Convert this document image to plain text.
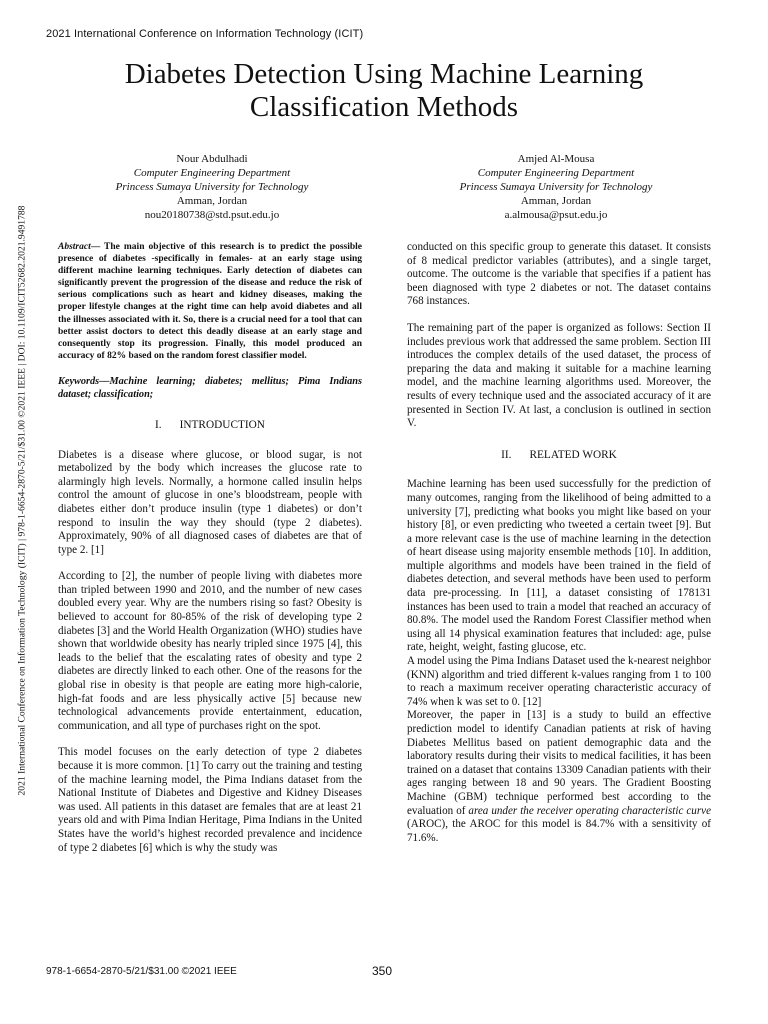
2021 International Conference on Information Technology (ICIT)
Diabetes Detection Using Machine Learning Classification Methods
Nour Abdulhadi
Computer Engineering Department
Princess Sumaya University for Technology
Amman, Jordan
nou20180738@std.psut.edu.jo
Amjed Al-Mousa
Computer Engineering Department
Princess Sumaya University for Technology
Amman, Jordan
a.almousa@psut.edu.jo
2021 International Conference on Information Technology (ICIT) | 978-1-6654-2870-5/21/$31.00 ©2021 IEEE | DOI: 10.1109/ICIT52682.2021.9491788	Abstract— The main objective of this research is to predict the possible presence of diabetes -specifically in females- at an early stage using different machine learning techniques. Early detection of diabetes can significantly prevent the progression of the disease and reduce the risk of serious complications such as heart and kidney diseases, making the proper lifestyle changes at the right time can help avoid diabetes and all the illnesses associated with it. So, there is a crucial need for a tool that can better assist doctors to detect this deadly disease at an early stage and consequently stop its progression. Finally, this model produced an accuracy of 82% based on the random forest classifier model.

Keywords—Machine learning; diabetes; mellitus; Pima Indians dataset; classification;

I. INTRODUCTION

Diabetes is a disease where glucose, or blood sugar, is not metabolized by the body which increases the glucose rate to alarmingly high levels. Normally, a hormone called insulin helps control the amount of glucose in one’s bloodstream, people with diabetes either don’t produce insulin (type 1 diabetes) or don’t respond to insulin the way they should (type 2 diabetes). Approximately, 90% of all diagnosed cases of diabetes are that of type 2. [1]

According to [2], the number of people living with diabetes more than tripled between 1990 and 2010, and the number of new cases doubled every year. Why are the numbers rising so fast? Obesity is believed to account for 80-85% of the risk of developing type 2 diabetes [3] and the World Health Organization (WHO) studies have shown that worldwide obesity has nearly tripled since 1975 [4], this leads to the belief that the escalating rates of obesity and type 2 diabetes are directly linked to each other. One of the reasons for the global rise in obesity is that people are eating more high-calorie, high-fat foods and are less physically active [5] because new technological advancements provide entertainment, education, communication, and all type of purchases right on the spot.

This model focuses on the early detection of type 2 diabetes because it is more common. [1] To carry out the training and testing of the machine learning model, the Pima Indians dataset from the National Institute of Diabetes and Digestive and Kidney Diseases was used. All patients in this dataset are females that are at least 21 years old and with Pima Indian Heritage, Pima Indians in the United States have the world’s highest recorded prevalence and incidence of type 2 diabetes [6] which is why the study was

conducted on this specific group to generate this dataset. It consists of 8 medical predictor variables (attributes), and a single target, outcome. The outcome is the variable that specifies if a patient has been diagnosed with type 2 diabetes or not. The dataset contains 768 instances.

The remaining part of the paper is organized as follows: Section II includes previous work that addressed the same problem. Section III introduces the complex details of the used dataset, the process of preparing the data and making it suitable for a machine learning model, and the machine learning algorithms used. Moreover, the results of every technique used and the associated accuracy of it are presented in Section IV. At last, a conclusion is outlined in section V.

II. RELATED WORK

Machine learning has been used successfully for the prediction of many outcomes, ranging from the likelihood of being admitted to a university [7], predicting what books you might like based on your history [8], or even predicting who tweeted a certain tweet [9]. But a more relevant case is the use of machine learning in the detection of heart disease using majority ensemble methods [10]. In addition, multiple algorithms and models have been trained in the field of diabetes detection, and several methods have been used to perform data pre-processing. In [11], a dataset consisting of 178131 instances has been used to train a model that reached an accuracy of 80.8%. The model used the Random Forest Classifier method when using all 14 physical examination features that included: age, pulse rate, height, weight, fasting glucose, etc.

A model using the Pima Indians Dataset used the k-nearest neighbor (KNN) algorithm and tried different k-values ranging from 1 to 100 to reach a maximum receiver operating characteristic accuracy of 74% when k was set to 0. [12]

Moreover, the paper in [13] is a study to build an effective prediction model to identify Canadian patients at risk of having Diabetes Mellitus based on patient demographic data and the laboratory results during their visits to medical facilities, it has been trained on a dataset that contains 13309 Canadian patients with their ages ranging between 18 and 90 years. The Gradient Boosting Machine (GBM) technique performed best according to the evaluation of area under the receiver operating characteristic curve (AROC), the AROC for this model is 84.7% with a sensitivity of 71.6%.

978-1-6654-2870-5/21/$31.00 ©2021 IEEE	350
